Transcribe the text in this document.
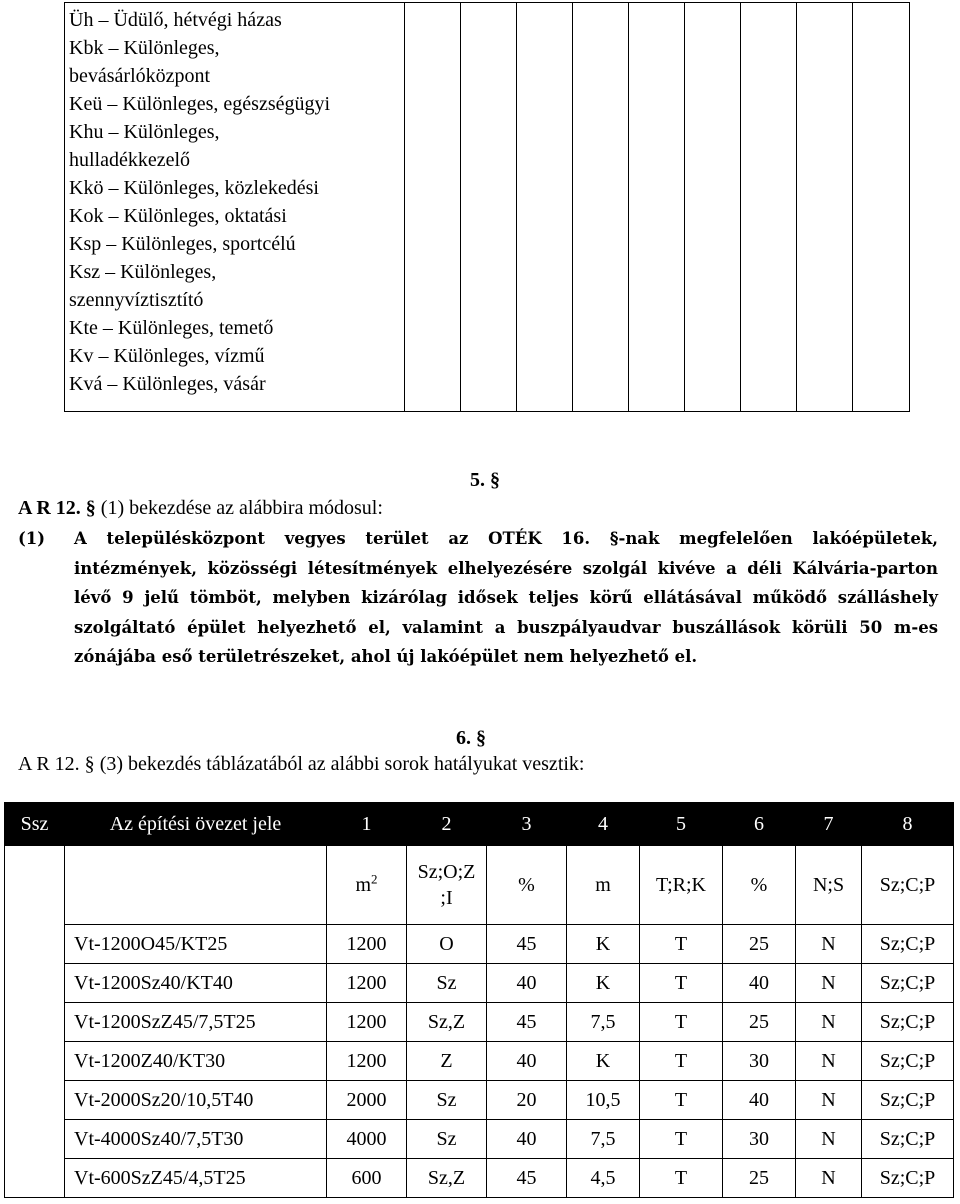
Üh – Üdülő, hétvégi házas
Kbk – Különleges,
bevásárlóközpont
Keü – Különleges, egészségügyi
Khu – Különleges,
hulladékkezelő
Kkö – Különleges, közlekedési
Kok – Különleges, oktatási
Ksp – Különleges, sportcélú
Ksz – Különleges,
szennyvíztisztító
Kte – Különleges, temető
Kv – Különleges, vízmű
Kvá – Különleges, vásár

5. §
A R 12. § (1) bekezdése az alábbira módosul:
(1) A településközpont vegyes terület az OTÉK 16. §-nak megfelelően lakóépületek, intézmények, közösségi létesítmények elhelyezésére szolgál kivéve a déli Kálvária-parton lévő 9 jelű tömböt, melyben kizárólag idősek teljes körű ellátásával működő szálláshely szolgáltató épület helyezhető el, valamint a buszpályaudvar buszállások körüli 50 m-es zónájába eső területrészeket, ahol új lakóépület nem helyezhető el.
6. §
A R 12. § (3) bekezdés táblázatából az alábbi sorok hatályukat vesztik:
Ssz	Az építési övezet jele	1	2	3	4	5	6	7	8
		$m^2$	Sz;O;Z
;I	%	m	T;R;K	%	N;S	Sz;C;P
	Vt-1200O45/KT25	1200	O	45	K	T	25	N	Sz;C;P
	Vt-1200Sz40/KT40	1200	Sz	40	K	T	40	N	Sz;C;P
	Vt-1200SzZ45/7,5T25	1200	Sz,Z	45	7,5	T	25	N	Sz;C;P
	Vt-1200Z40/KT30	1200	Z	40	K	T	30	N	Sz;C;P
	Vt-2000Sz20/10,5T40	2000	Sz	20	10,5	T	40	N	Sz;C;P
	Vt-4000Sz40/7,5T30	4000	Sz	40	7,5	T	30	N	Sz;C;P
	Vt-600SzZ45/4,5T25	600	Sz,Z	45	4,5	T	25	N	Sz;C;P
